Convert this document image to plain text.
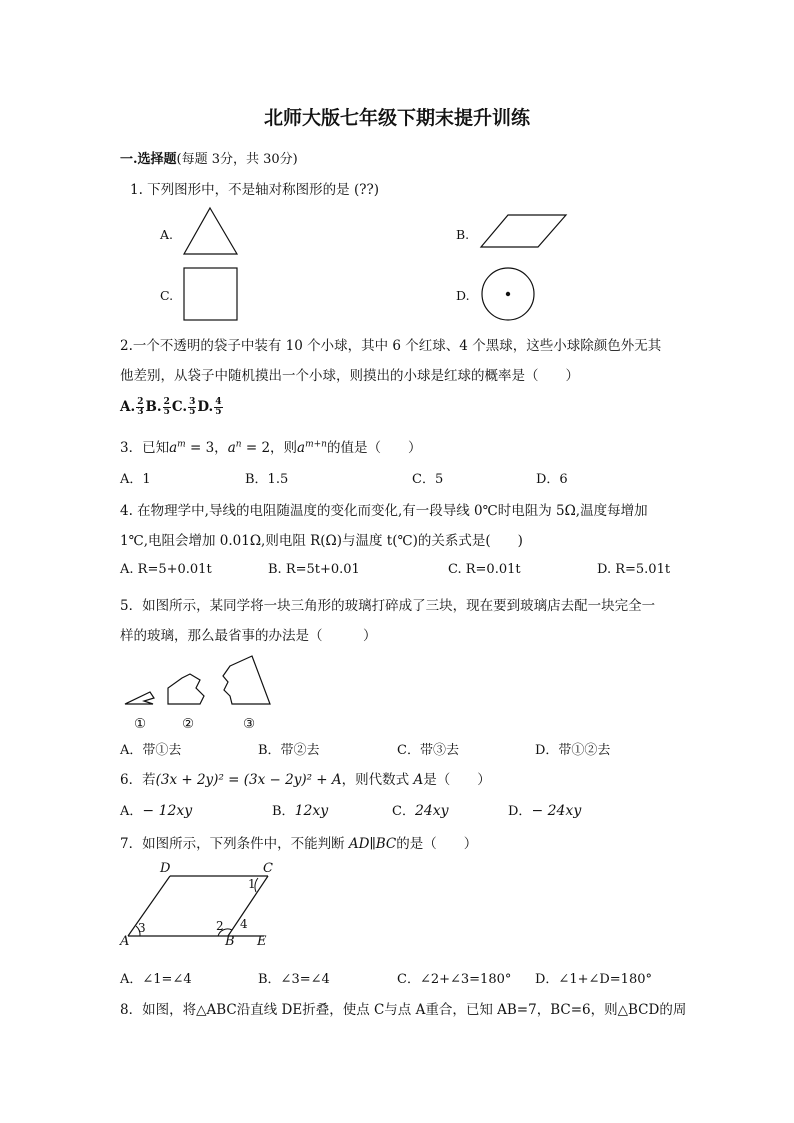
北师大版七年级下期末提升训练
一.选择题(每题 3分，共 30分)
1. 下列图形中，不是轴对称图形的是 (??)
A.	B.
C.	D.
2.一个不透明的袋子中装有 10 个小球，其中 6 个红球、4 个黑球，这些小球除颜色外无其
他差别，从袋子中随机摸出一个小球，则摸出的小球是红球的概率是（　　）
A. $\frac{2}{3} B$. $\frac{2}{5} C$. $\frac{3}{5} D$. $\frac{4}{5}$
3．已知$a^m = 3$，$a^n = 2$，则$a^{m+n}$的值是（　　）
A．1	B．1.5	C．5	D．6
4. 在物理学中,导线的电阻随温度的变化而变化,有一段导线 0℃时电阻为 5Ω,温度每增加
1℃,电阻会增加 0.01Ω,则电阻 R(Ω)与温度 t(℃)的关系式是(　　)
A. R=5+0.01t	B. R=5t+0.01	C. R=0.01t	D. R=5.01t
5．如图所示，某同学将一块三角形的玻璃打碎成了三块，现在要到玻璃店去配一块完全一
样的玻璃，那么最省事的办法是（　　　）
①	②	③
A．带①去	B．带②去	C．带③去	D．带①②去
6．若(3x + 2y)² = (3x − 2y)² + A，则代数式 A是（　　）
A．− 12xy	B．12xy	C．24xy	D．− 24xy
7．如图所示，下列条件中，不能判断 AD∥BC的是（　　）
D	C
A	B E
1
2
3	4
A．∠1=∠4	B．∠3=∠4	C．∠2+∠3=180° D．∠1+∠D=180°
8．如图，将△ABC沿直线 DE折叠，使点 C与点 A重合，已知 AB=7，BC=6，则△BCD的周
